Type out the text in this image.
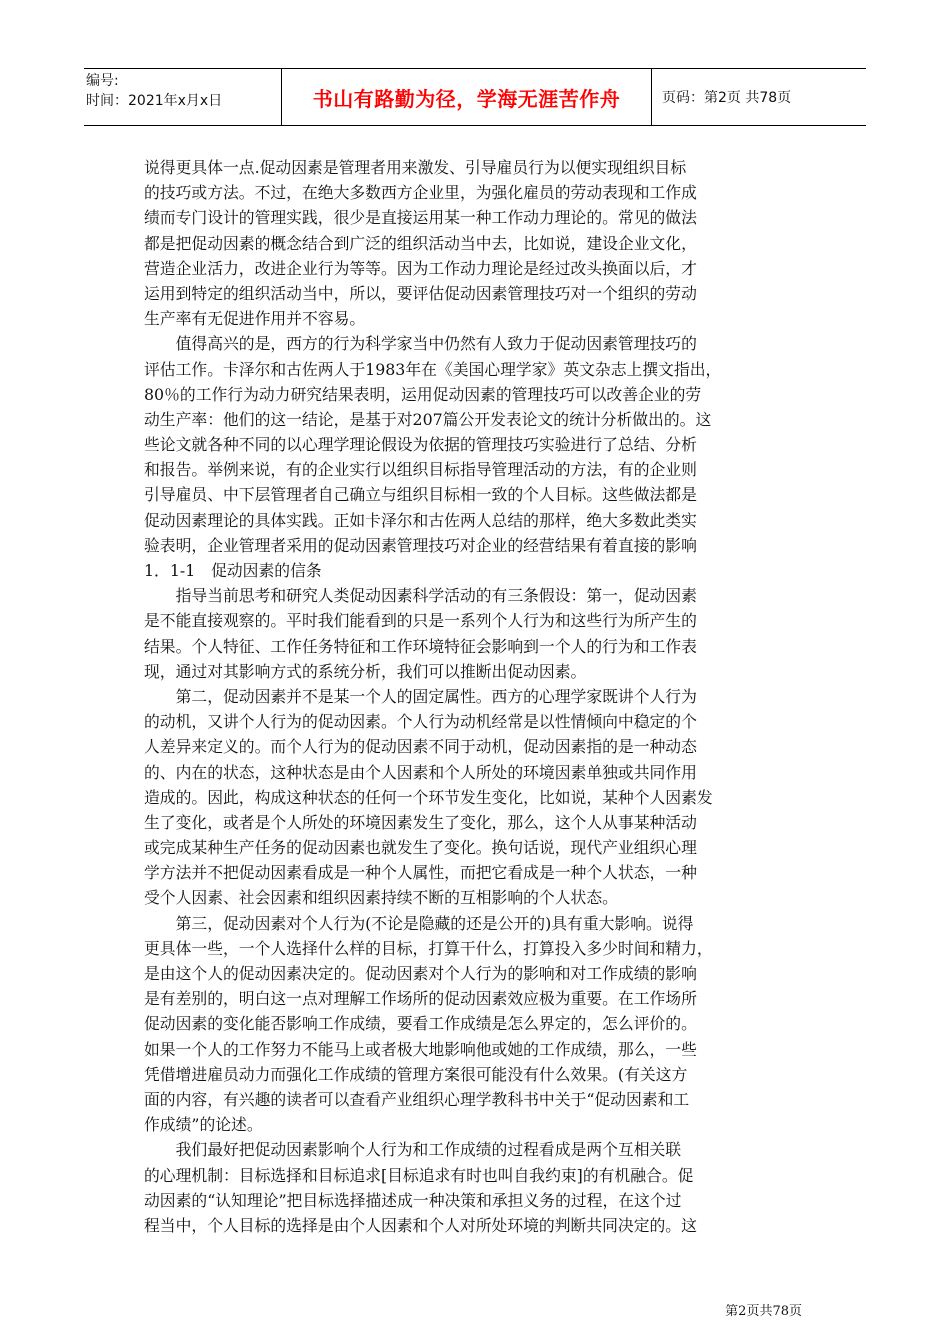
编号:
时间：2021年x月x日	书山有路勤为径，学海无涯苦作舟	页码：第2页 共78页
说得更具体一点.促动因素是管理者用来激发、引导雇员行为以便实现组织目标
的技巧或方法。不过，在绝大多数西方企业里，为强化雇员的劳动表现和工作成
绩而专门设计的管理实践，很少是直接运用某一种工作动力理论的。常见的做法
都是把促动因素的概念结合到广泛的组织活动当中去，比如说，建设企业文化，
营造企业活力，改进企业行为等等。因为工作动力理论是经过改头换面以后，才
运用到特定的组织活动当中，所以，要评估促动因素管理技巧对一个组织的劳动
生产率有无促进作用并不容易。
　　值得高兴的是，西方的行为科学家当中仍然有人致力于促动因素管理技巧的
评估工作。卡泽尔和古佐两人于1983年在《美国心理学家》英文杂志上撰文指出，
80％的工作行为动力研究结果表明，运用促动因素的管理技巧可以改善企业的劳
动生产率：他们的这一结论，是基于对207篇公开发表论文的统计分析做出的。这
些论文就各种不同的以心理学理论假设为依据的管理技巧实验进行了总结、分析
和报告。举例来说，有的企业实行以组织目标指导管理活动的方法，有的企业则
引导雇员、中下层管理者自己确立与组织目标相一致的个人目标。这些做法都是
促动因素理论的具体实践。正如卡泽尔和古佐两人总结的那样，绝大多数此类实
验表明，企业管理者采用的促动因素管理技巧对企业的经营结果有着直接的影响
1．1-1　促动因素的信条
　　指导当前思考和研究人类促动因素科学活动的有三条假设：第一，促动因素
是不能直接观察的。平时我们能看到的只是一系列个人行为和这些行为所产生的
结果。个人特征、工作任务特征和工作环境特征会影响到一个人的行为和工作表
现，通过对其影响方式的系统分析，我们可以推断出促动因素。
　　第二，促动因素并不是某一个人的固定属性。西方的心理学家既讲个人行为
的动机，又讲个人行为的促动因素。个人行为动机经常是以性情倾向中稳定的个
人差异来定义的。而个人行为的促动因素不同于动机，促动因素指的是一种动态
的、内在的状态，这种状态是由个人因素和个人所处的环境因素单独或共同作用
造成的。因此，构成这种状态的任何一个环节发生变化，比如说，某种个人因素发
生了变化，或者是个人所处的环境因素发生了变化，那么，这个人从事某种活动
或完成某种生产任务的促动因素也就发生了变化。换句话说，现代产业组织心理
学方法并不把促动因素看成是一种个人属性，而把它看成是一种个人状态，一种
受个人因素、社会因素和组织因素持续不断的互相影响的个人状态。
　　第三，促动因素对个人行为(不论是隐藏的还是公开的)具有重大影响。说得
更具体一些，一个人选择什么样的目标，打算干什么，打算投入多少时间和精力，
是由这个人的促动因素决定的。促动因素对个人行为的影响和对工作成绩的影响
是有差别的，明白这一点对理解工作场所的促动因素效应极为重要。在工作场所
促动因素的变化能否影响工作成绩，要看工作成绩是怎么界定的，怎么评价的。
如果一个人的工作努力不能马上或者极大地影响他或她的工作成绩，那么，一些
凭借增进雇员动力而强化工作成绩的管理方案很可能没有什么效果。(有关这方
面的内容，有兴趣的读者可以查看产业组织心理学教科书中关于“促动因素和工
作成绩”的论述。
　　我们最好把促动因素影响个人行为和工作成绩的过程看成是两个互相关联
的心理机制：目标选择和目标追求[目标追求有时也叫自我约束]的有机融合。促
动因素的“认知理论”把目标选择描述成一种决策和承担义务的过程，在这个过
程当中，个人目标的选择是由个人因素和个人对所处环境的判断共同决定的。这
第2页共78页
